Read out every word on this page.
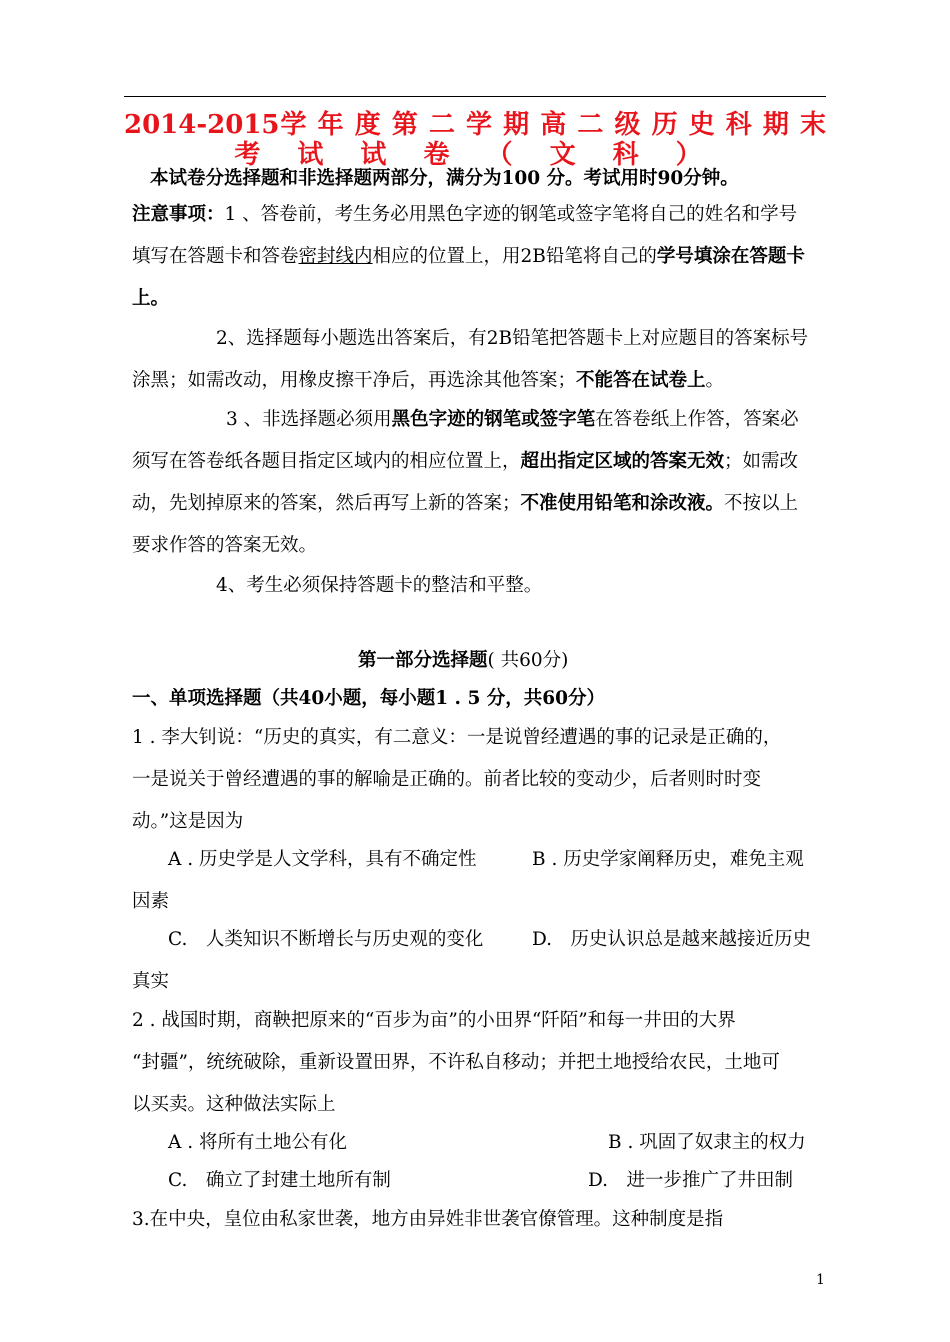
2014-2015学 年 度 第 二 学 期 高 二 级 历 史 科 期 末
考 试 试 卷 （ 文 科 ）
本试卷分选择题和非选择题两部分，满分为100 分。考试用时90分钟。
注意事项：1 、答卷前，考生务必用黑色字迹的钢笔或签字笔将自己的姓名和学号
填写在答题卡和答卷密封线内相应的位置上，用2B铅笔将自己的学号填涂在答题卡
上。
2、选择题每小题选出答案后，有2B铅笔把答题卡上对应题目的答案标号
涂黑；如需改动，用橡皮擦干净后，再选涂其他答案；不能答在试卷上。
3 、非选择题必须用黑色字迹的钢笔或签字笔在答卷纸上作答，答案必
须写在答卷纸各题目指定区域内的相应位置上，超出指定区域的答案无效；如需改
动，先划掉原来的答案，然后再写上新的答案；不准使用铅笔和涂改液。不按以上
要求作答的答案无效。
4、考生必须保持答题卡的整洁和平整。
第一部分选择题( 共60分)
一、单项选择题（共40小题，每小题1 . 5 分，共60分）
1 . 李大钊说：“历史的真实，有二意义：一是说曾经遭遇的事的记录是正确的，
一是说关于曾经遭遇的事的解喻是正确的。前者比较的变动少，后者则时时变
动。”这是因为
A . 历史学是人文学科，具有不确定性	B . 历史学家阐释历史，难免主观
因素
C.　人类知识不断增长与历史观的变化	D.　历史认识总是越来越接近历史
真实
2 . 战国时期，商鞅把原来的“百步为亩”的小田界“阡陌”和每一井田的大界
“封疆”，统统破除，重新设置田界，不许私自移动；并把土地授给农民，土地可
以买卖。这种做法实际上
A . 将所有土地公有化	B . 巩固了奴隶主的权力
C.　确立了封建土地所有制	D.　进一步推广了井田制
3.在中央，皇位由私家世袭，地方由异姓非世袭官僚管理。这种制度是指
1
